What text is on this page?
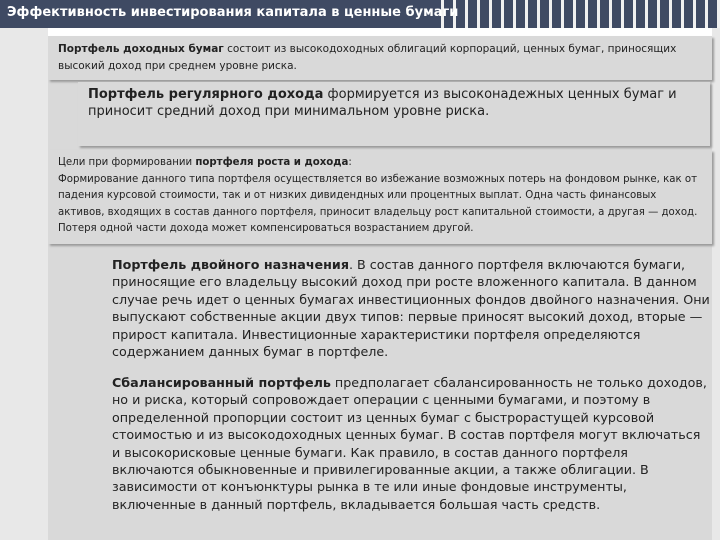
Эффективность инвестирования капитала в ценные бумаги
Портфель доходных бумаг состоит из высокодоходных облигаций корпораций, ценных бумаг, приносящих высокий доход при среднем уровне риска.
Портфель регулярного дохода формируется из высоконадежных ценных бумаг и приносит средний доход при минимальном уровне риска.
Цели при формировании портфеля роста и дохода:
Формирование данного типа портфеля осуществляется во избежание возможных потерь на фондовом рынке, как от падения курсовой стоимости, так и от низких дивидендных или процентных выплат. Одна часть финансовых активов, входящих в состав данного портфеля, приносит владельцу рост капитальной стоимости, а другая — доход. Потеря одной части дохода может компенсироваться возрастанием другой.
Портфель двойного назначения. В состав данного портфеля включаются бумаги, приносящие его владельцу высокий доход при росте вложенного капитала. В данном случае речь идет о ценных бумагах инвестиционных фондов двойного назначения. Они выпускают собственные акции двух типов: первые приносят высокий доход, вторые — прирост капитала. Инвестиционные характеристики портфеля определяются содержанием данных бумаг в портфеле.
Сбалансированный портфель предполагает сбалансированность не только доходов, но и риска, который сопровождает операции с ценными бумагами, и поэтому в определенной пропорции состоит из ценных бумаг с быстрорастущей курсовой стоимостью и из высокодоходных ценных бумаг. В состав портфеля могут включаться и высокорисковые ценные бумаги. Как правило, в состав данного портфеля включаются обыкновенные и привилегированные акции, а также облигации. В зависимости от конъюнктуры рынка в те или иные фондовые инструменты, включенные в данный портфель, вкладывается большая часть средств.
